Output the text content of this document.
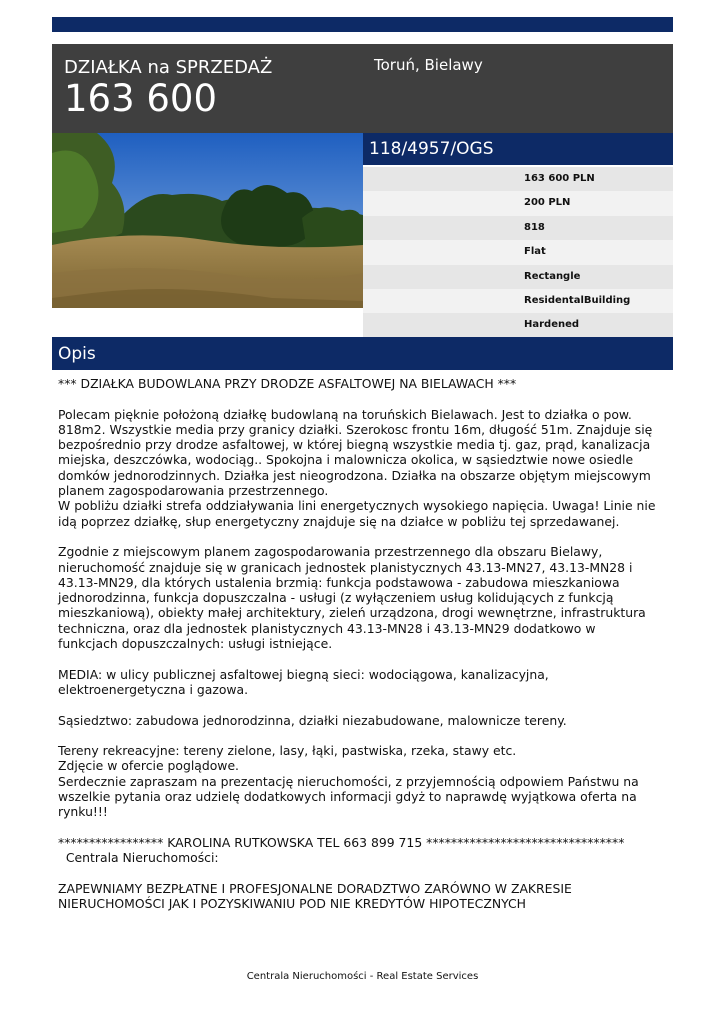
DZIAŁKA na SPRZEDAŻ
163 600
Toruń, Bielawy
118/4957/OGS
163 600 PLN
200 PLN
818
Flat
Rectangle
ResidentalBuilding
Hardened
Opis
*** DZIAŁKA BUDOWLANA PRZY DRODZE ASFALTOWEJ NA BIELAWACH ***

Polecam pięknie położoną działkę budowlaną na toruńskich Bielawach. Jest to działka o pow. 818m2. Wszystkie media przy granicy działki. Szerokosc frontu 16m, długość 51m. Znajduje się bezpośrednio przy drodze asfaltowej, w której biegną wszystkie media tj. gaz, prąd, kanalizacja miejska, deszczówka, wodociąg.. Spokojna i malownicza okolica, w sąsiedztwie nowe osiedle domków jednorodzinnych. Działka jest nieogrodzona. Działka na obszarze objętym miejscowym planem zagospodarowania przestrzennego.
W pobliżu działki strefa oddziaływania lini energetycznych wysokiego napięcia. Uwaga! Linie nie idą poprzez działkę, słup energetyczny znajduje się na działce w pobliżu tej sprzedawanej.

Zgodnie z miejscowym planem zagospodarowania przestrzennego dla obszaru Bielawy, nieruchomość znajduje się w granicach jednostek planistycznych 43.13-MN27, 43.13-MN28 i 43.13-MN29, dla których ustalenia brzmią: funkcja podstawowa - zabudowa mieszkaniowa jednorodzinna, funkcja dopuszczalna - usługi (z wyłączeniem usług kolidujących z funkcją mieszkaniową), obiekty małej architektury, zieleń urządzona, drogi wewnętrzne, infrastruktura techniczna, oraz dla jednostek planistycznych 43.13-MN28 i 43.13-MN29 dodatkowo w funkcjach dopuszczalnych: usługi istniejące.

MEDIA: w ulicy publicznej asfaltowej biegną sieci: wodociągowa, kanalizacyjna, elektroenergetyczna i gazowa.

Sąsiedztwo: zabudowa jednorodzinna, działki niezabudowane, malownicze tereny.

Tereny rekreacyjne: tereny zielone, lasy, łąki, pastwiska, rzeka, stawy etc.
Zdjęcie w ofercie poglądowe.
Serdecznie zapraszam na prezentację nieruchomości, z przyjemnością odpowiem Państwu na wszelkie pytania oraz udzielę dodatkowych informacji gdyż to naprawdę wyjątkowa oferta na rynku!!!

***************** KAROLINA RUTKOWSKA TEL 663 899 715 ********************************
Centrala Nieruchomości:

ZAPEWNIAMY BEZPŁATNE I PROFESJONALNE DORADZTWO ZARÓWNO W ZAKRESIE NIERUCHOMOŚCI JAK I POZYSKIWANIU POD NIE KREDYTÓW HIPOTECZNYCH
Centrala Nieruchomości - Real Estate Services
